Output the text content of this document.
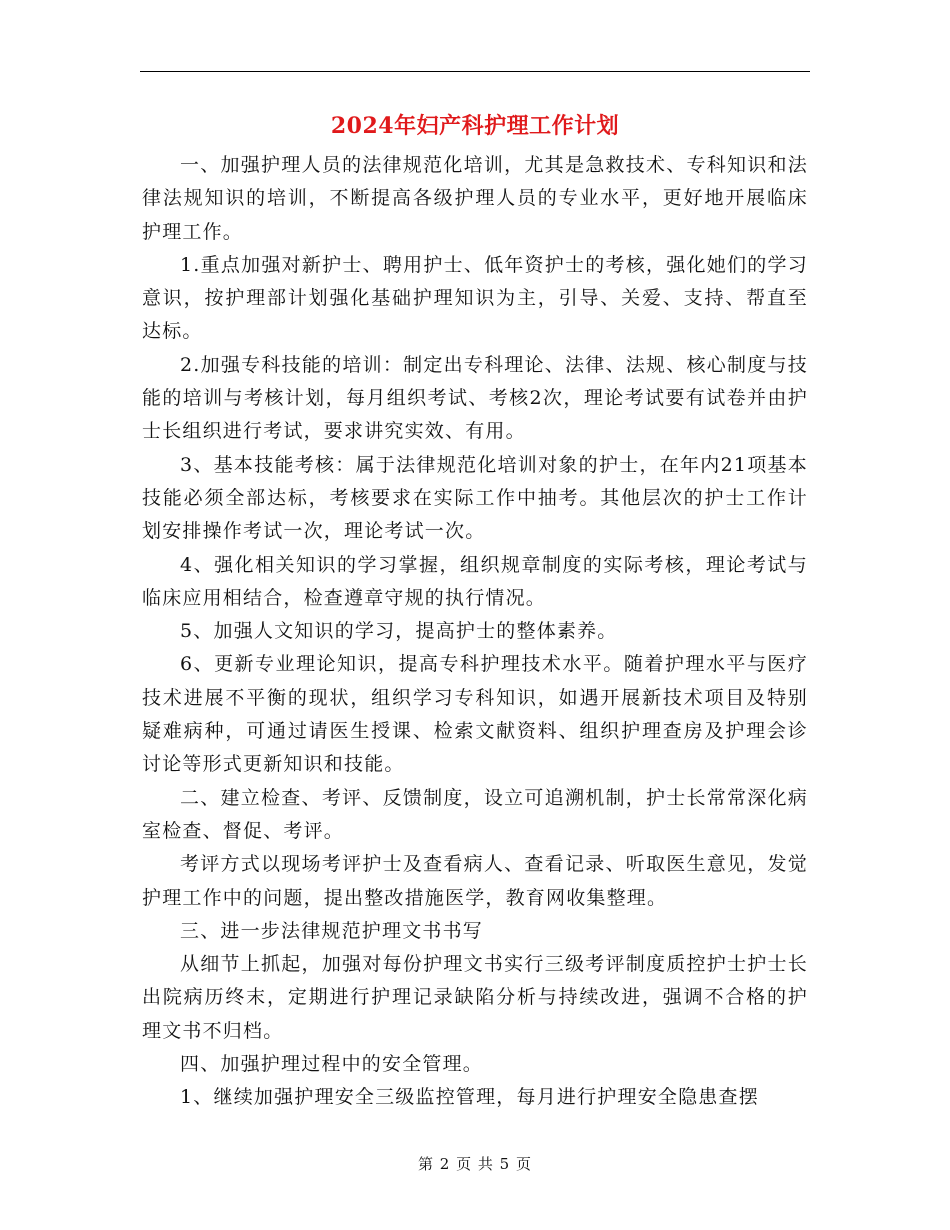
2024年妇产科护理工作计划

一、加强护理人员的法律规范化培训，尤其是急救技术、专科知识和法律法规知识的培训，不断提高各级护理人员的专业水平，更好地开展临床护理工作。

1.重点加强对新护士、聘用护士、低年资护士的考核，强化她们的学习意识，按护理部计划强化基础护理知识为主，引导、关爱、支持、帮直至达标。

2.加强专科技能的培训：制定出专科理论、法律、法规、核心制度与技能的培训与考核计划，每月组织考试、考核2次，理论考试要有试卷并由护士长组织进行考试，要求讲究实效、有用。

3、基本技能考核：属于法律规范化培训对象的护士，在年内21项基本技能必须全部达标，考核要求在实际工作中抽考。其他层次的护士工作计划安排操作考试一次，理论考试一次。

4、强化相关知识的学习掌握，组织规章制度的实际考核，理论考试与临床应用相结合，检查遵章守规的执行情况。

5、加强人文知识的学习，提高护士的整体素养。

6、更新专业理论知识，提高专科护理技术水平。随着护理水平与医疗技术进展不平衡的现状，组织学习专科知识，如遇开展新技术项目及特别疑难病种，可通过请医生授课、检索文献资料、组织护理查房及护理会诊讨论等形式更新知识和技能。

二、建立检查、考评、反馈制度，设立可追溯机制，护士长常常深化病室检查、督促、考评。

考评方式以现场考评护士及查看病人、查看记录、听取医生意见，发觉护理工作中的问题，提出整改措施医学，教育网收集整理。

三、进一步法律规范护理文书书写

从细节上抓起，加强对每份护理文书实行三级考评制度质控护士护士长出院病历终末，定期进行护理记录缺陷分析与持续改进，强调不合格的护理文书不归档。

四、加强护理过程中的安全管理。

1、继续加强护理安全三级监控管理，每月进行护理安全隐患查摆

第 2 页 共 5 页
